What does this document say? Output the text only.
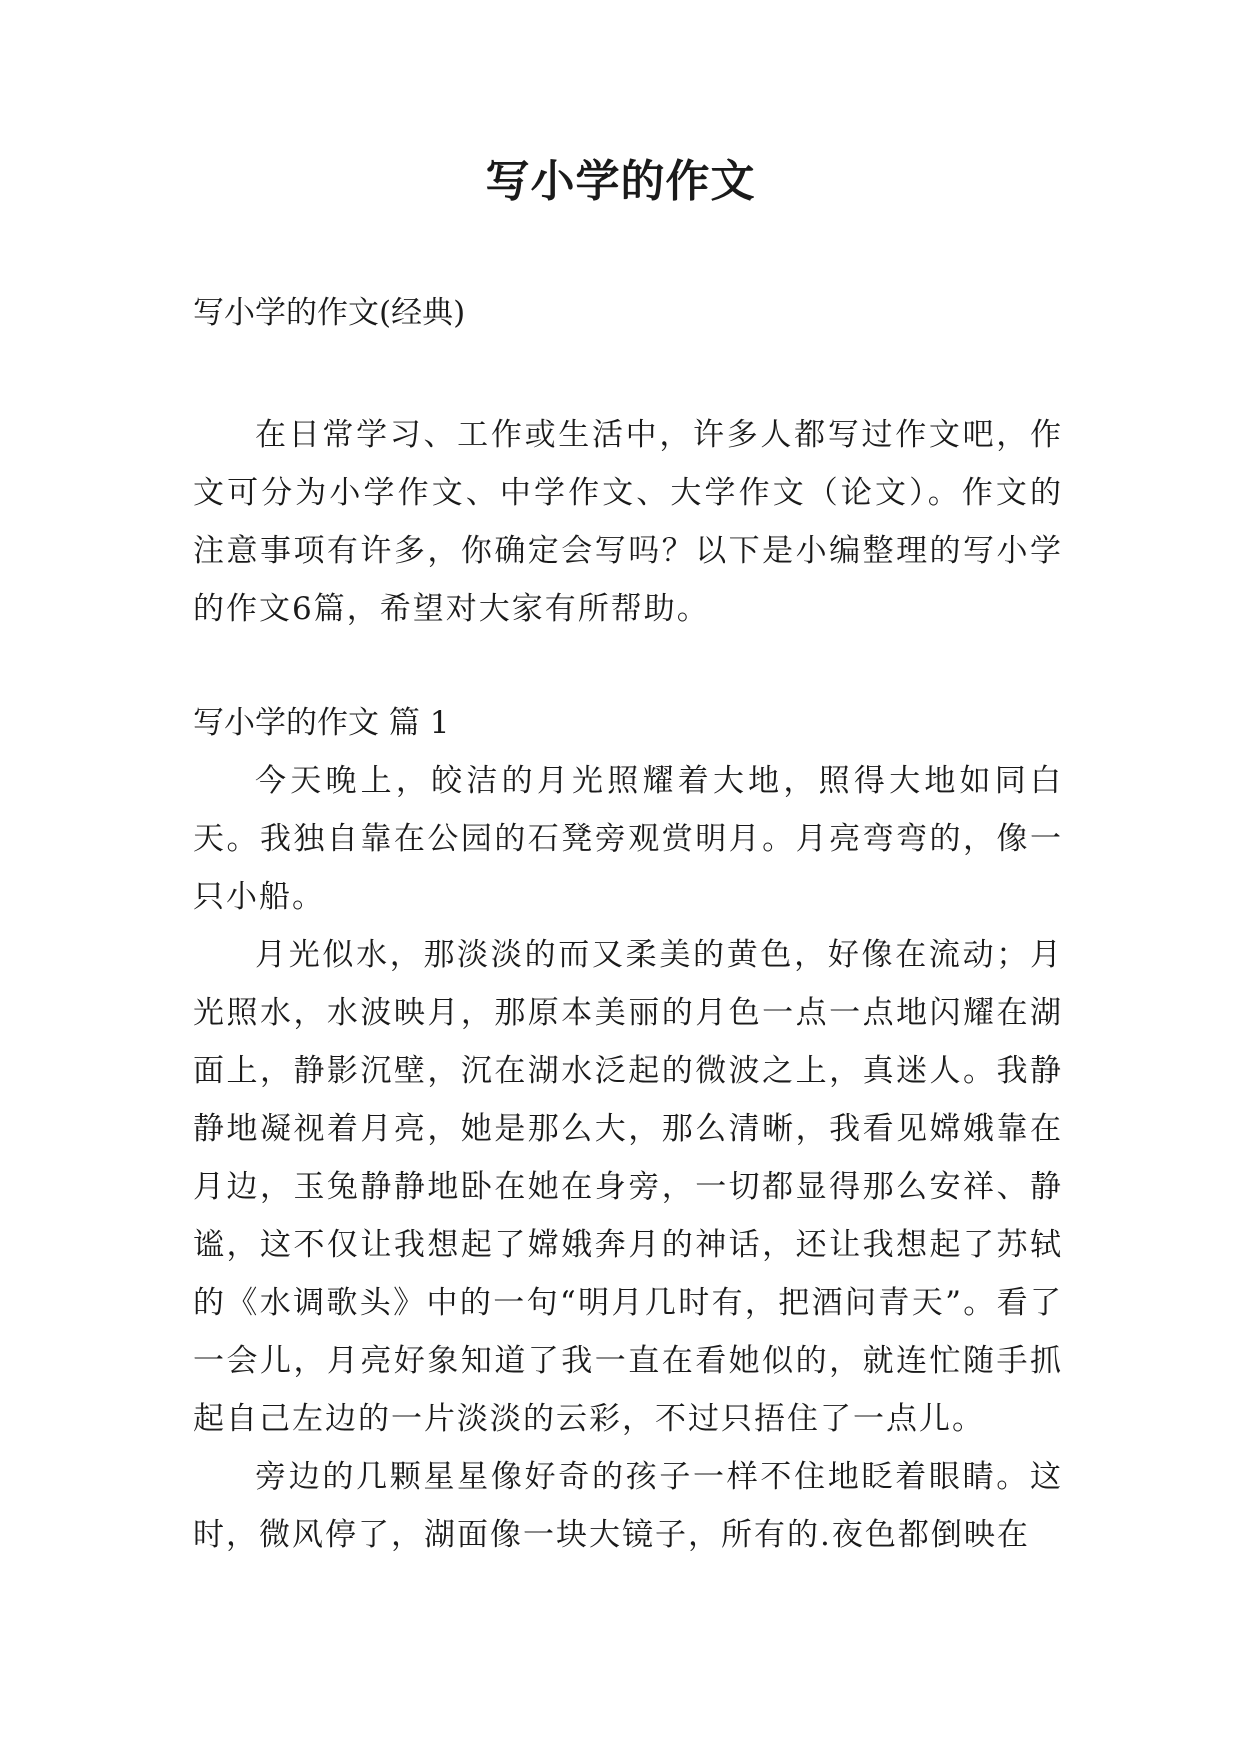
写小学的作文

写小学的作文(经典)

在日常学习、工作或生活中，许多人都写过作文吧，作文可分为小学作文、中学作文、大学作文（论文）。作文的注意事项有许多，你确定会写吗？以下是小编整理的写小学的作文6篇，希望对大家有所帮助。

写小学的作文 篇 1

今天晚上，皎洁的月光照耀着大地，照得大地如同白天。我独自靠在公园的石凳旁观赏明月。月亮弯弯的，像一只小船。

月光似水，那淡淡的而又柔美的黄色，好像在流动；月光照水，水波映月，那原本美丽的月色一点一点地闪耀在湖面上，静影沉壁，沉在湖水泛起的微波之上，真迷人。我静静地凝视着月亮，她是那么大，那么清晰，我看见嫦娥靠在月边，玉兔静静地卧在她在身旁，一切都显得那么安祥、静谧，这不仅让我想起了嫦娥奔月的神话，还让我想起了苏轼的《水调歌头》中的一句“明月几时有，把酒问青天”。看了一会儿，月亮好象知道了我一直在看她似的，就连忙随手抓起自己左边的一片淡淡的云彩，不过只捂住了一点儿。

旁边的几颗星星像好奇的孩子一样不住地眨着眼睛。这时，微风停了，湖面像一块大镜子，所有的.夜色都倒映在
